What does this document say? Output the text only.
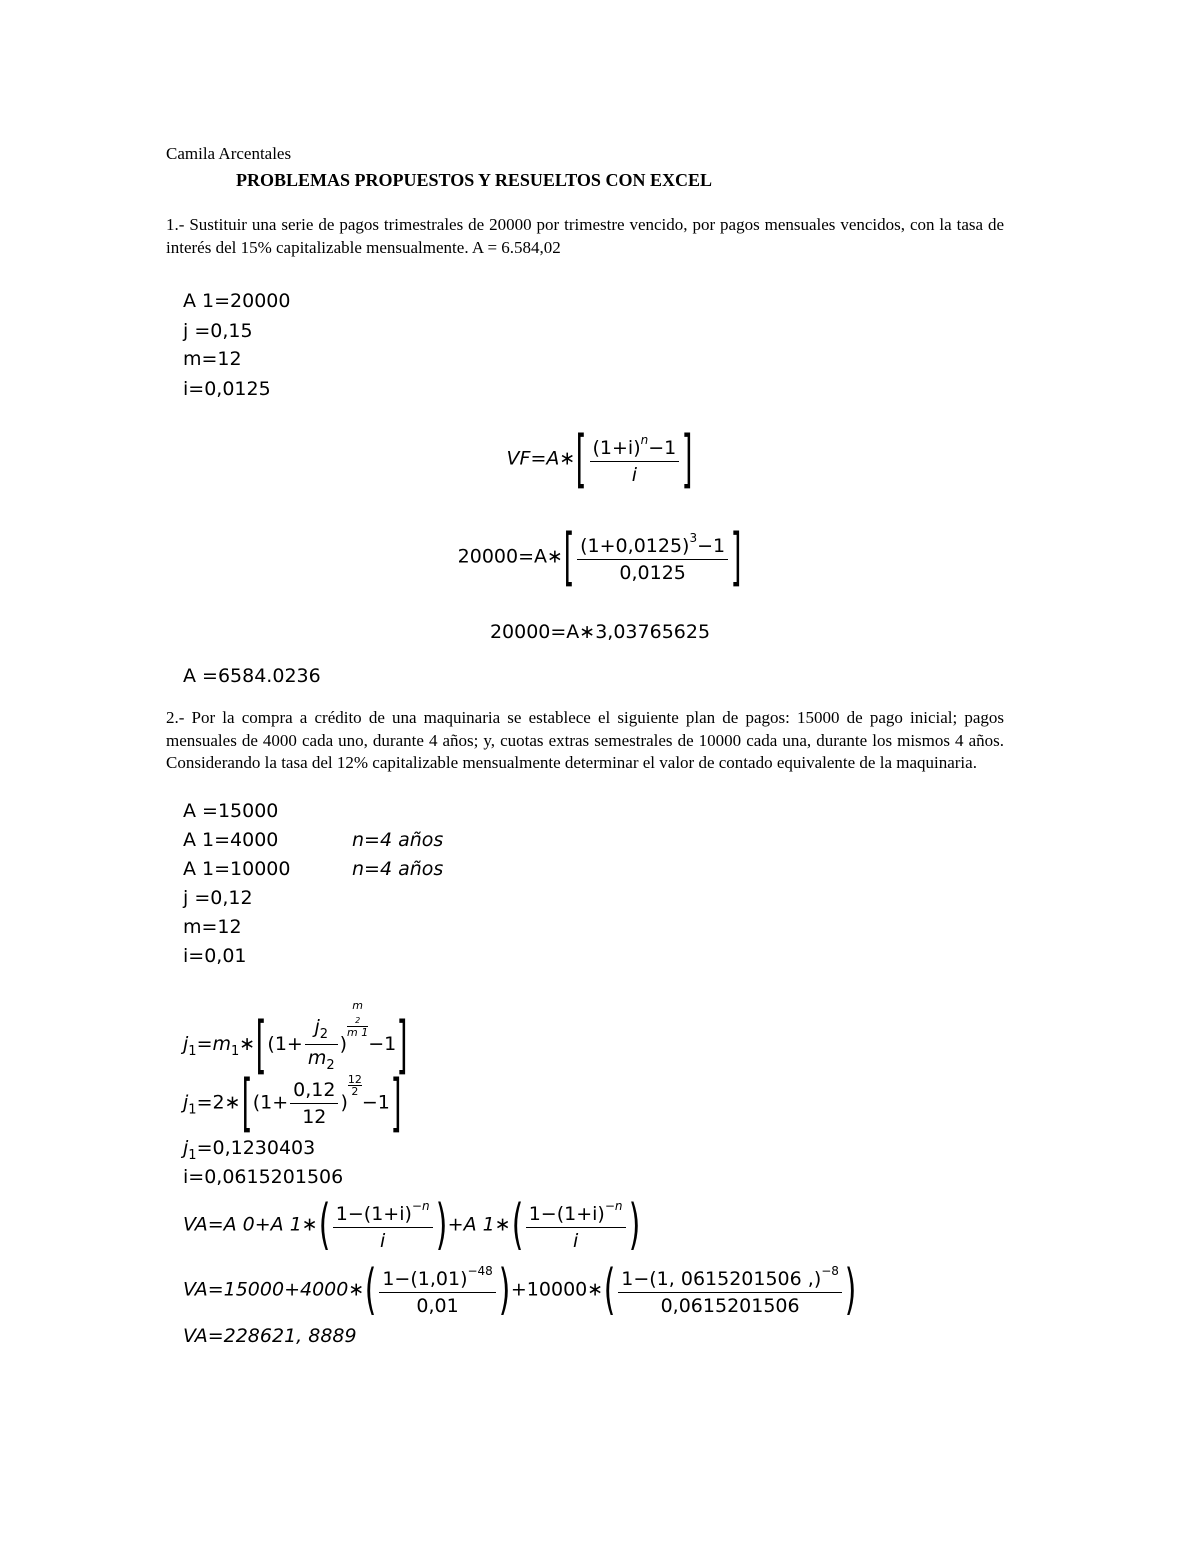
Camila Arcentales
PROBLEMAS PROPUESTOS Y RESUELTOS CON EXCEL
1.- Sustituir una serie de pagos trimestrales de 20000 por trimestre vencido, por pagos mensuales vencidos, con la tasa de interés del 15% capitalizable mensualmente. A = 6.584,02
A 1=20000
j =0,15
m=12
i=0,0125
VF=A∗[ $\frac{(1+i)^n-1}{i}$ ]
20000=A∗[ $\frac{(1+0,0125)^3-1}{0,0125}$ ]
20000=A∗3,03765625
A =6584.0236
2.- Por la compra a crédito de una maquinaria se establece el siguiente plan de pagos: 15000 de pago inicial; pagos mensuales de 4000 cada uno, durante 4 años; y, cuotas extras semestrales de 10000 cada una, durante los mismos 4 años. Considerando la tasa del 12% capitalizable mensualmente determinar el valor de contado equivalente de la maquinaria.
A =15000
A 1=4000	n=4 años
A 1=10000	n=4 años
j =0,12
m=12
i=0,01
$j_1=m_1∗[(1+ \frac{j_2}{m_2}$ )
m
$_2$
m 1
−1]
$j_1=2∗[(1+ \frac{0,12}{12}$ )
$\frac{12}{2}$
−1]
$j_1=0,1230403$
i=0,0615201506
VA=A 0+A 1∗( $\frac{1-(1+i)^{-n}}{i} )+A$ 1∗( $\frac{1-(1+i)^{-n}}{i}$ )
VA=15000+4000∗( $\frac{1-(1,01)^{-48}}{0,01}$ )+10000∗( $\frac{1-(1, 0615201506 ,)^{-8}}{0,0615201506}$ )
VA=228621, 8889
